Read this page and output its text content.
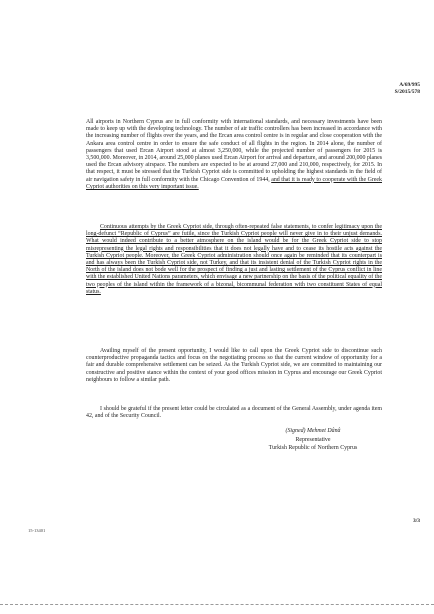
A/69/995
S/2015/578

All airports in Northern Cyprus are in full conformity with international standards, and necessary investments have been made to keep up with the developing technology. The number of air traffic controllers has been increased in accordance with the increasing number of flights over the years, and the Ercan area control centre is in regular and close cooperation with the Ankara area control centre in order to ensure the safe conduct of all flights in the region. In 2014 alone, the number of passengers that used Ercan Airport stood at almost 3,250,000, while the projected number of passengers for 2015 is 3,500,000. Moreover, in 2014, around 25,000 planes used Ercan Airport for arrival and departure, and around 200,000 planes used the Ercan advisory airspace. The numbers are expected to be at around 27,000 and 210,000, respectively, for 2015. In that respect, it must be stressed that the Turkish Cypriot side is committed to upholding the highest standards in the field of air navigation safety in full conformity with the Chicago Convention of 1944, and that it is ready to cooperate with the Greek Cypriot authorities on this very important issue.

Continuous attempts by the Greek Cypriot side, through often-repeated false statements, to confer legitimacy upon the long-defunct “Republic of Cyprus” are futile, since the Turkish Cypriot people will never give in to their unjust demands. What would indeed contribute to a better atmosphere on the island would be for the Greek Cypriot side to stop misrepresenting the legal rights and responsibilities that it does not legally have and to cease its hostile acts against the Turkish Cypriot people. Moreover, the Greek Cypriot administration should once again be reminded that its counterpart is and has always been the Turkish Cypriot side, not Turkey, and that its insistent denial of the Turkish Cypriot rights in the North of the island does not bode well for the prospect of finding a just and lasting settlement of the Cyprus conflict in line with the established United Nations parameters, which envisage a new partnership on the basis of the political equality of the two peoples of the island within the framework of a bizonal, bicommunal federation with two constituent States of equal status.

Availing myself of the present opportunity, I would like to call upon the Greek Cypriot side to discontinue such counterproductive propaganda tactics and focus on the negotiating process so that the current window of opportunity for a fair and durable comprehensive settlement can be seized. As the Turkish Cypriot side, we are committed to maintaining our constructive and positive stance within the context of your good offices mission in Cyprus and encourage our Greek Cypriot neighbours to follow a similar path.

I should be grateful if the present letter could be circulated as a document of the General Assembly, under agenda item 42, and of the Security Council.

(Signed) Mehmet Dânâ
Representative
Turkish Republic of Northern Cyprus
3/3
15-13401
